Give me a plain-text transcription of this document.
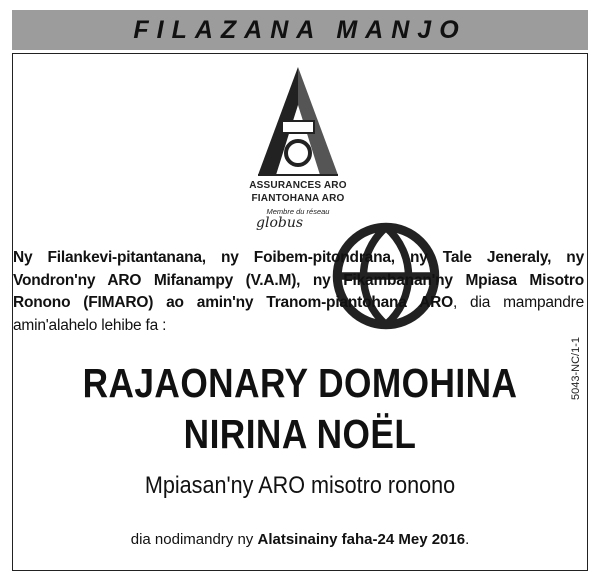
FILAZANA MANJO
ASSURANCES ARO
FIANTOHANA ARO
Membre du réseau
globus
Ny Filankevi-pitantanana, ny Foibem-pitondrana, ny Tale Jeneraly, ny Vondron'ny ARO Mifanampy (V.A.M), ny Fikambanan'ny Mpiasa Misotro Ronono (FIMARO) ao amin'ny Tranom-piantohana ARO, dia mampandre amin'alahelo lehibe fa :
RAJAONARY DOMOHINA
NIRINA NOËL
Mpiasan'ny ARO misotro ronono
5043-NC/1-1
dia nodimandry ny Alatsinainy faha-24 Mey 2016.
